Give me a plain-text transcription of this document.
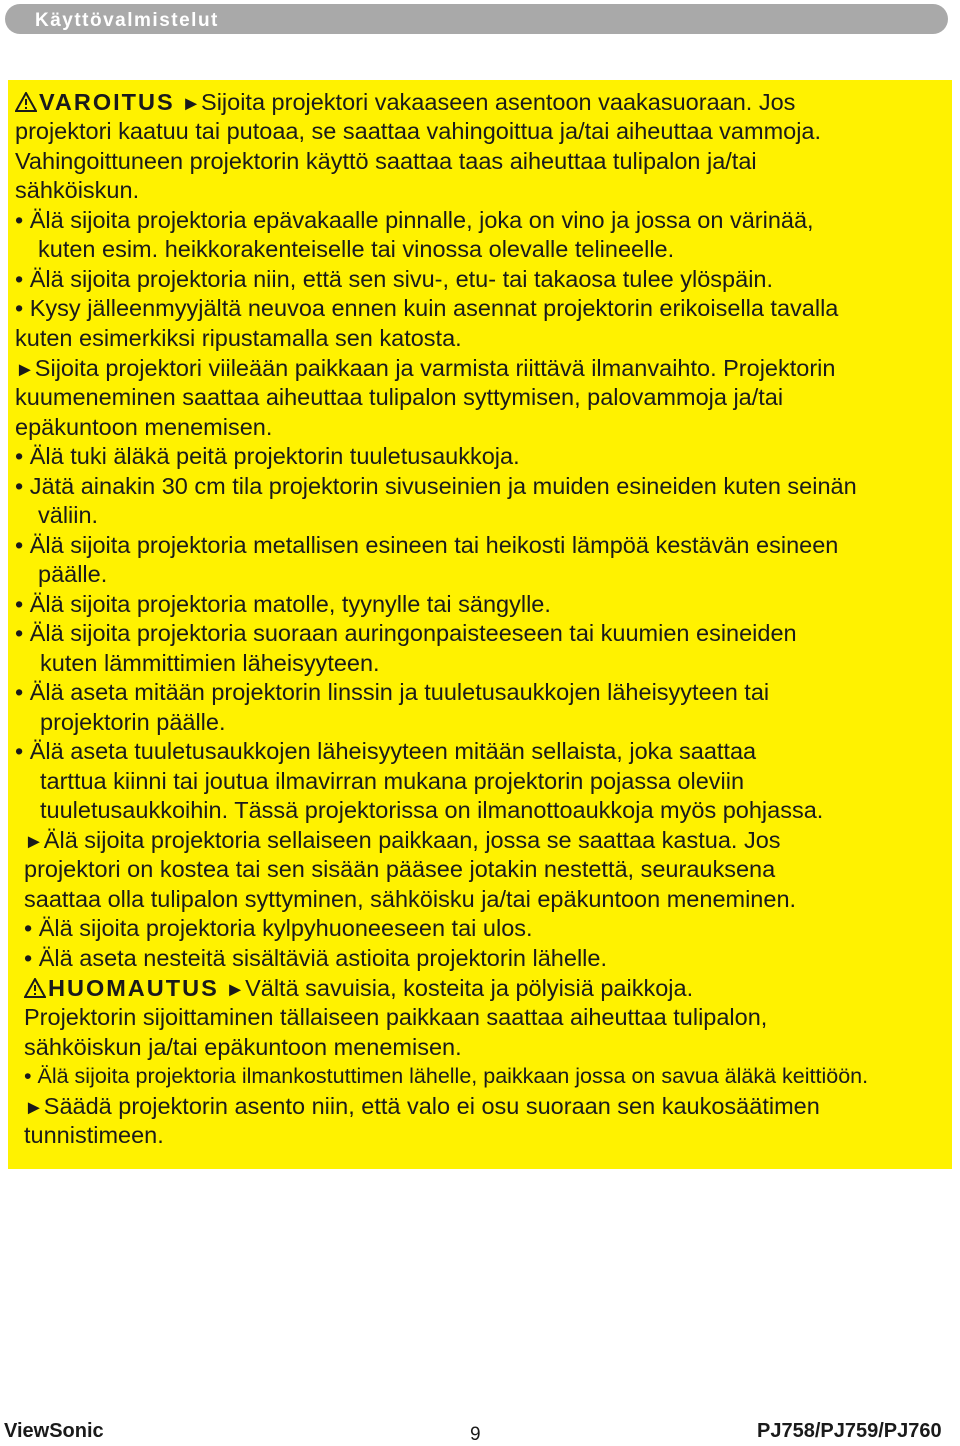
Käyttövalmistelut
VAROITUS ►Sijoita projektori vakaaseen asentoon vaakasuoraan. Jos
projektori kaatuu tai putoaa, se saattaa vahingoittua ja/tai aiheuttaa vammoja.
Vahingoittuneen projektorin käyttö saattaa taas aiheuttaa tulipalon ja/tai
sähköiskun.
• Älä sijoita projektoria epävakaalle pinnalle, joka on vino ja jossa on värinää,
kuten esim. heikkorakenteiselle tai vinossa olevalle telineelle.
• Älä sijoita projektoria niin, että sen sivu-, etu- tai takaosa tulee ylöspäin.
• Kysy jälleenmyyjältä neuvoa ennen kuin asennat projektorin erikoisella tavalla
kuten esimerkiksi ripustamalla sen katosta.
►Sijoita projektori viileään paikkaan ja varmista riittävä ilmanvaihto. Projektorin
kuumeneminen saattaa aiheuttaa tulipalon syttymisen, palovammoja ja/tai
epäkuntoon menemisen.
• Älä tuki äläkä peitä projektorin tuuletusaukkoja.
• Jätä ainakin 30 cm tila projektorin sivuseinien ja muiden esineiden kuten seinän
väliin.
• Älä sijoita projektoria metallisen esineen tai heikosti lämpöä kestävän esineen
päälle.
• Älä sijoita projektoria matolle, tyynylle tai sängylle.
• Älä sijoita projektoria suoraan auringonpaisteeseen tai kuumien esineiden
kuten lämmittimien läheisyyteen.
• Älä aseta mitään projektorin linssin ja tuuletusaukkojen läheisyyteen tai
projektorin päälle.
• Älä aseta tuuletusaukkojen läheisyyteen mitään sellaista, joka saattaa
tarttua kiinni tai joutua ilmavirran mukana projektorin pojassa oleviin
tuuletusaukkoihin. Tässä projektorissa on ilmanottoaukkoja myös pohjassa.
►Älä sijoita projektoria sellaiseen paikkaan, jossa se saattaa kastua. Jos
projektori on kostea tai sen sisään pääsee jotakin nestettä, seurauksena
saattaa olla tulipalon syttyminen, sähköisku ja/tai epäkuntoon meneminen.
• Älä sijoita projektoria kylpyhuoneeseen tai ulos.
• Älä aseta nesteitä sisältäviä astioita projektorin lähelle.
HUOMAUTUS ►Vältä savuisia, kosteita ja pölyisiä paikkoja.
Projektorin sijoittaminen tällaiseen paikkaan saattaa aiheuttaa tulipalon,
sähköiskun ja/tai epäkuntoon menemisen.
• Älä sijoita projektoria ilmankostuttimen lähelle, paikkaan jossa on savua äläkä keittiöön.
►Säädä projektorin asento niin, että valo ei osu suoraan sen kaukosäätimen
tunnistimeen.
ViewSonic	9	PJ758/PJ759/PJ760
